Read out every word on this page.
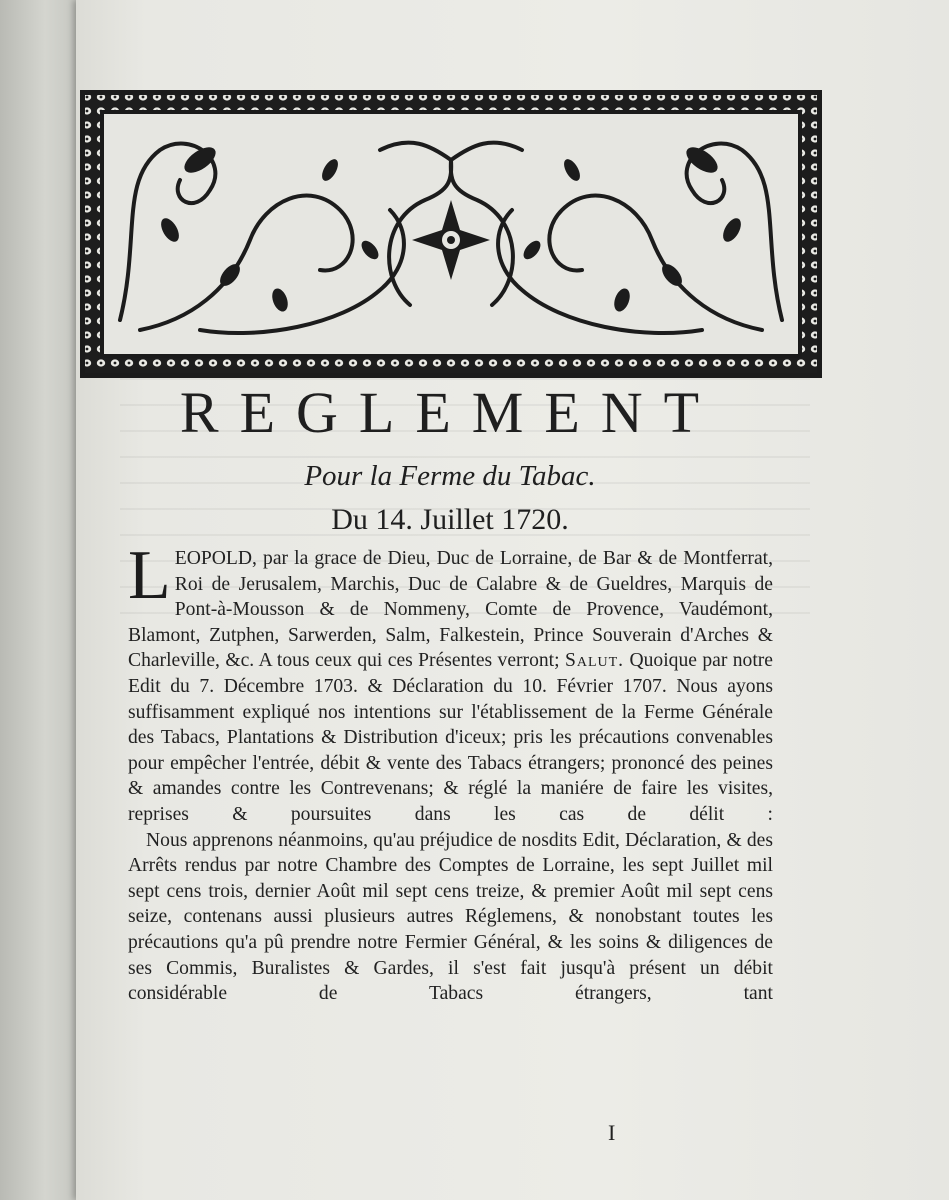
REGLEMENT
Pour la Ferme du Tabac.
Du 14. Juillet 1720.

LEOPOLD, par la grace de Dieu, Duc de Lorraine, de Bar & de Montferrat, Roi de Jerusalem, Marchis, Duc de Calabre & de Gueldres, Marquis de Pont-à-Mousson & de Nommeny, Comte de Provence, Vaudémont, Blamont, Zutphen, Sarwerden, Salm, Falkestein, Prince Souverain d'Arches & Charleville, &c. A tous ceux qui ces Présentes verront; Salut. Quoique par notre Edit du 7. Décembre 1703. & Déclaration du 10. Février 1707. Nous ayons suffisamment expliqué nos intentions sur l'établissement de la Ferme Générale des Tabacs, Plantations & Distribution d'iceux; pris les précautions convenables pour empêcher l'entrée, débit & vente des Tabacs étrangers; prononcé des peines & amandes contre les Contrevenans; & réglé la maniére de faire les visites, reprises & poursuites dans les cas de délit :

Nous apprenons néanmoins, qu'au préjudice de nosdits Edit, Déclaration, & des Arrêts rendus par notre Chambre des Comptes de Lorraine, les sept Juillet mil sept cens trois, dernier Août mil sept cens treize, & premier Août mil sept cens seize, contenans aussi plusieurs autres Réglemens, & nonobstant toutes les précautions qu'a pû prendre notre Fermier Général, & les soins & diligences de ses Commis, Buralistes & Gardes, il s'est fait jusqu'à présent un débit considérable de Tabacs étrangers, tant

I
